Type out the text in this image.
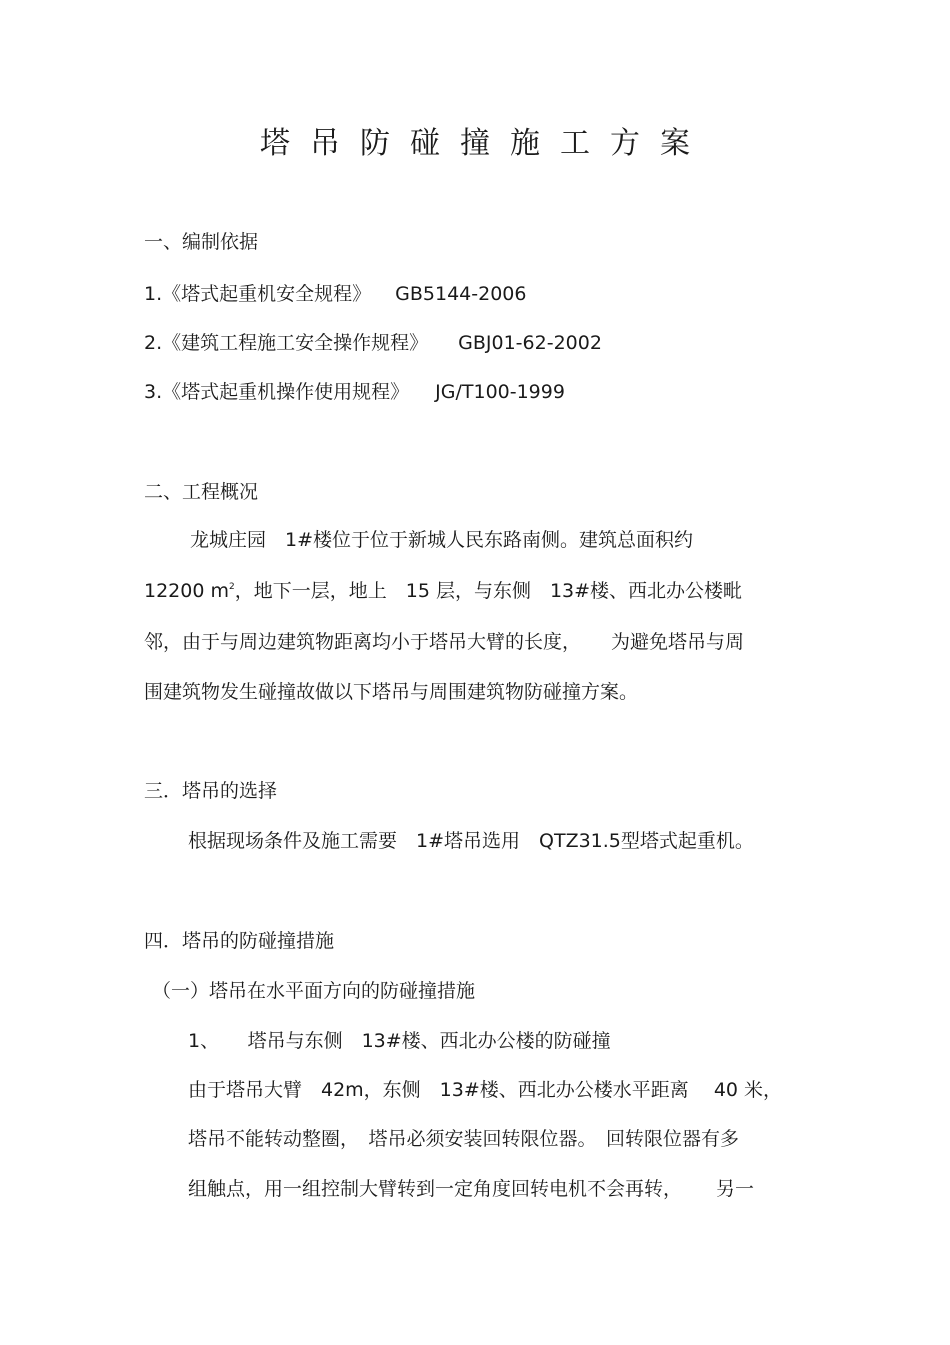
塔吊防碰撞施工方案
一、编制依据
1.《塔式起重机安全规程》 GB5144-2006
2.《建筑工程施工安全操作规程》 GBJ01-62-2002
3.《塔式起重机操作使用规程》 JG/T100-1999
二、工程概况
龙城庄园　1#楼位于位于新城人民东路南侧。建筑总面积约
12200 $m^2$，地下一层，地上　15 层，与东侧　13#楼、西北办公楼毗
邻，由于与周边建筑物距离均小于塔吊大臂的长度， 为避免塔吊与周
围建筑物发生碰撞故做以下塔吊与周围建筑物防碰撞方案。
三．塔吊的选择
根据现场条件及施工需要　1#塔吊选用　QTZ31.5型塔式起重机。
四．塔吊的防碰撞措施
（一）塔吊在水平面方向的防碰撞措施
1、　　塔吊与东侧　13#楼、西北办公楼的防碰撞
由于塔吊大臂　42m，东侧　13#楼、西北办公楼水平距离　 40 米，
塔吊不能转动整圈，　塔吊必须安装回转限位器。　回转限位器有多
组触点，用一组控制大臂转到一定角度回转电机不会再转， 另一
